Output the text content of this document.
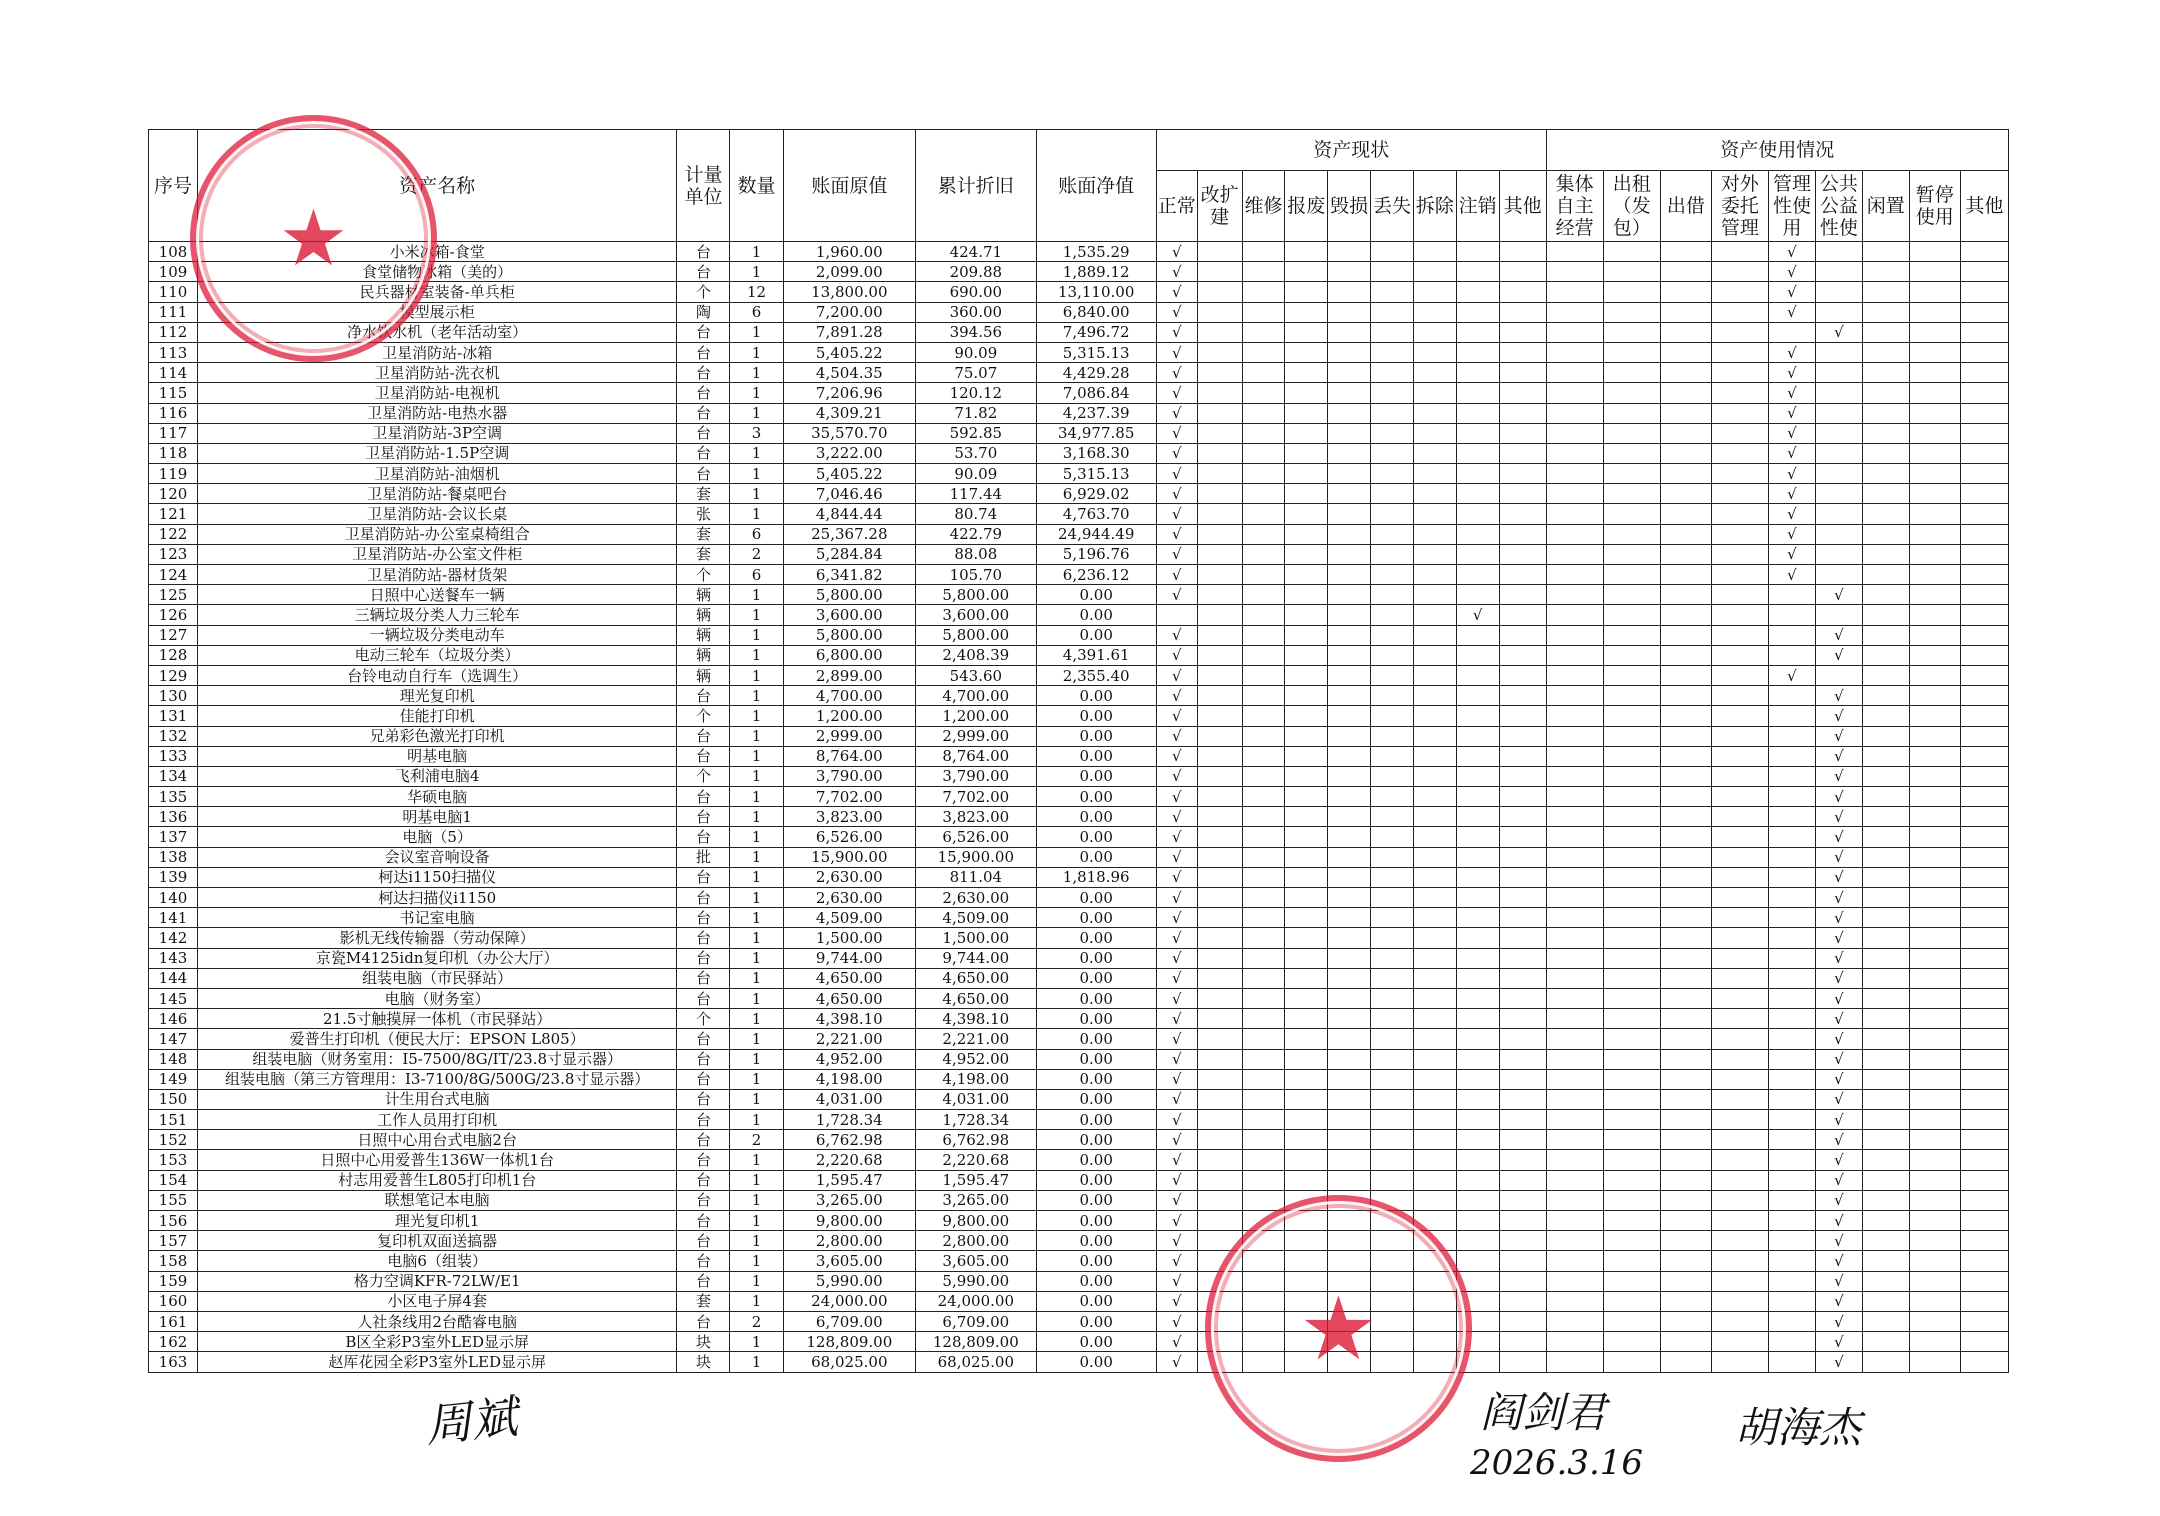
序号	资产名称	计量单位	数量	账面原值	累计折旧	账面净值	资产现状									资产使用情况								
							正常	改扩建	维修	报废	毁损	丢失	拆除	注销	其他	集体自主经营	出租（发包）	出借	对外委托管理	管理性使用	公共公益性使	闲置	暂停使用	其他
108	小米冰箱-食堂	台	1	1,960.00	424.71	1,535.29	√													√				
109	食堂储物冰箱（美的）	台	1	2,099.00	209.88	1,889.12	√													√				
110	民兵器材室装备-单兵柜	个	12	13,800.00	690.00	13,110.00	√													√				
111	模型展示柜	陶	6	7,200.00	360.00	6,840.00	√													√				
112	净水饮水机（老年活动室）	台	1	7,891.28	394.56	7,496.72	√														√			
113	卫星消防站-冰箱	台	1	5,405.22	90.09	5,315.13	√													√				
114	卫星消防站-洗衣机	台	1	4,504.35	75.07	4,429.28	√													√				
115	卫星消防站-电视机	台	1	7,206.96	120.12	7,086.84	√													√				
116	卫星消防站-电热水器	台	1	4,309.21	71.82	4,237.39	√													√				
117	卫星消防站-3P空调	台	3	35,570.70	592.85	34,977.85	√													√				
118	卫星消防站-1.5P空调	台	1	3,222.00	53.70	3,168.30	√													√				
119	卫星消防站-油烟机	台	1	5,405.22	90.09	5,315.13	√													√				
120	卫星消防站-餐桌吧台	套	1	7,046.46	117.44	6,929.02	√													√				
121	卫星消防站-会议长桌	张	1	4,844.44	80.74	4,763.70	√													√				
122	卫星消防站-办公室桌椅组合	套	6	25,367.28	422.79	24,944.49	√													√				
123	卫星消防站-办公室文件柜	套	2	5,284.84	88.08	5,196.76	√													√				
124	卫星消防站-器材货架	个	6	6,341.82	105.70	6,236.12	√													√				
125	日照中心送餐车一辆	辆	1	5,800.00	5,800.00	0.00	√														√			
126	三辆垃圾分类人力三轮车	辆	1	3,600.00	3,600.00	0.00								√										
127	一辆垃圾分类电动车	辆	1	5,800.00	5,800.00	0.00	√														√			
128	电动三轮车（垃圾分类）	辆	1	6,800.00	2,408.39	4,391.61	√														√			
129	台铃电动自行车（选调生）	辆	1	2,899.00	543.60	2,355.40	√													√				
130	理光复印机	台	1	4,700.00	4,700.00	0.00	√														√			
131	佳能打印机	个	1	1,200.00	1,200.00	0.00	√														√			
132	兄弟彩色激光打印机	台	1	2,999.00	2,999.00	0.00	√														√			
133	明基电脑	台	1	8,764.00	8,764.00	0.00	√														√			
134	飞利浦电脑4	个	1	3,790.00	3,790.00	0.00	√														√			
135	华硕电脑	台	1	7,702.00	7,702.00	0.00	√														√			
136	明基电脑1	台	1	3,823.00	3,823.00	0.00	√														√			
137	电脑（5）	台	1	6,526.00	6,526.00	0.00	√														√			
138	会议室音响设备	批	1	15,900.00	15,900.00	0.00	√														√			
139	柯达i1150扫描仪	台	1	2,630.00	811.04	1,818.96	√														√			
140	柯达扫描仪i1150	台	1	2,630.00	2,630.00	0.00	√														√			
141	书记室电脑	台	1	4,509.00	4,509.00	0.00	√														√			
142	影机无线传输器（劳动保障）	台	1	1,500.00	1,500.00	0.00	√														√			
143	京瓷M4125idn复印机（办公大厅）	台	1	9,744.00	9,744.00	0.00	√														√			
144	组装电脑（市民驿站）	台	1	4,650.00	4,650.00	0.00	√														√			
145	电脑（财务室）	台	1	4,650.00	4,650.00	0.00	√														√			
146	21.5寸触摸屏一体机（市民驿站）	个	1	4,398.10	4,398.10	0.00	√														√			
147	爱普生打印机（便民大厅：EPSON L805）	台	1	2,221.00	2,221.00	0.00	√														√			
148	组装电脑（财务室用：I5-7500/8G/IT/23.8寸显示器）	台	1	4,952.00	4,952.00	0.00	√														√			
149	组装电脑（第三方管理用：I3-7100/8G/500G/23.8寸显示器）	台	1	4,198.00	4,198.00	0.00	√														√			
150	计生用台式电脑	台	1	4,031.00	4,031.00	0.00	√														√			
151	工作人员用打印机	台	1	1,728.34	1,728.34	0.00	√														√			
152	日照中心用台式电脑2台	台	2	6,762.98	6,762.98	0.00	√														√			
153	日照中心用爱普生136W一体机1台	台	1	2,220.68	2,220.68	0.00	√														√			
154	村志用爱普生L805打印机1台	台	1	1,595.47	1,595.47	0.00	√														√			
155	联想笔记本电脑	台	1	3,265.00	3,265.00	0.00	√														√			
156	理光复印机1	台	1	9,800.00	9,800.00	0.00	√														√			
157	复印机双面送搞器	台	1	2,800.00	2,800.00	0.00	√														√			
158	电脑6（组装）	台	1	3,605.00	3,605.00	0.00	√														√			
159	格力空调KFR-72LW/E1	台	1	5,990.00	5,990.00	0.00	√														√			
160	小区电子屏4套	套	1	24,000.00	24,000.00	0.00	√														√			
161	人社条线用2台酷睿电脑	台	2	6,709.00	6,709.00	0.00	√														√			
162	B区全彩P3室外LED显示屏	块	1	128,809.00	128,809.00	0.00	√														√			
163	赵厍花园全彩P3室外LED显示屏	块	1	68,025.00	68,025.00	0.00	√														√			
★
★
周斌	阎剑君
2026.3.16
胡海杰
